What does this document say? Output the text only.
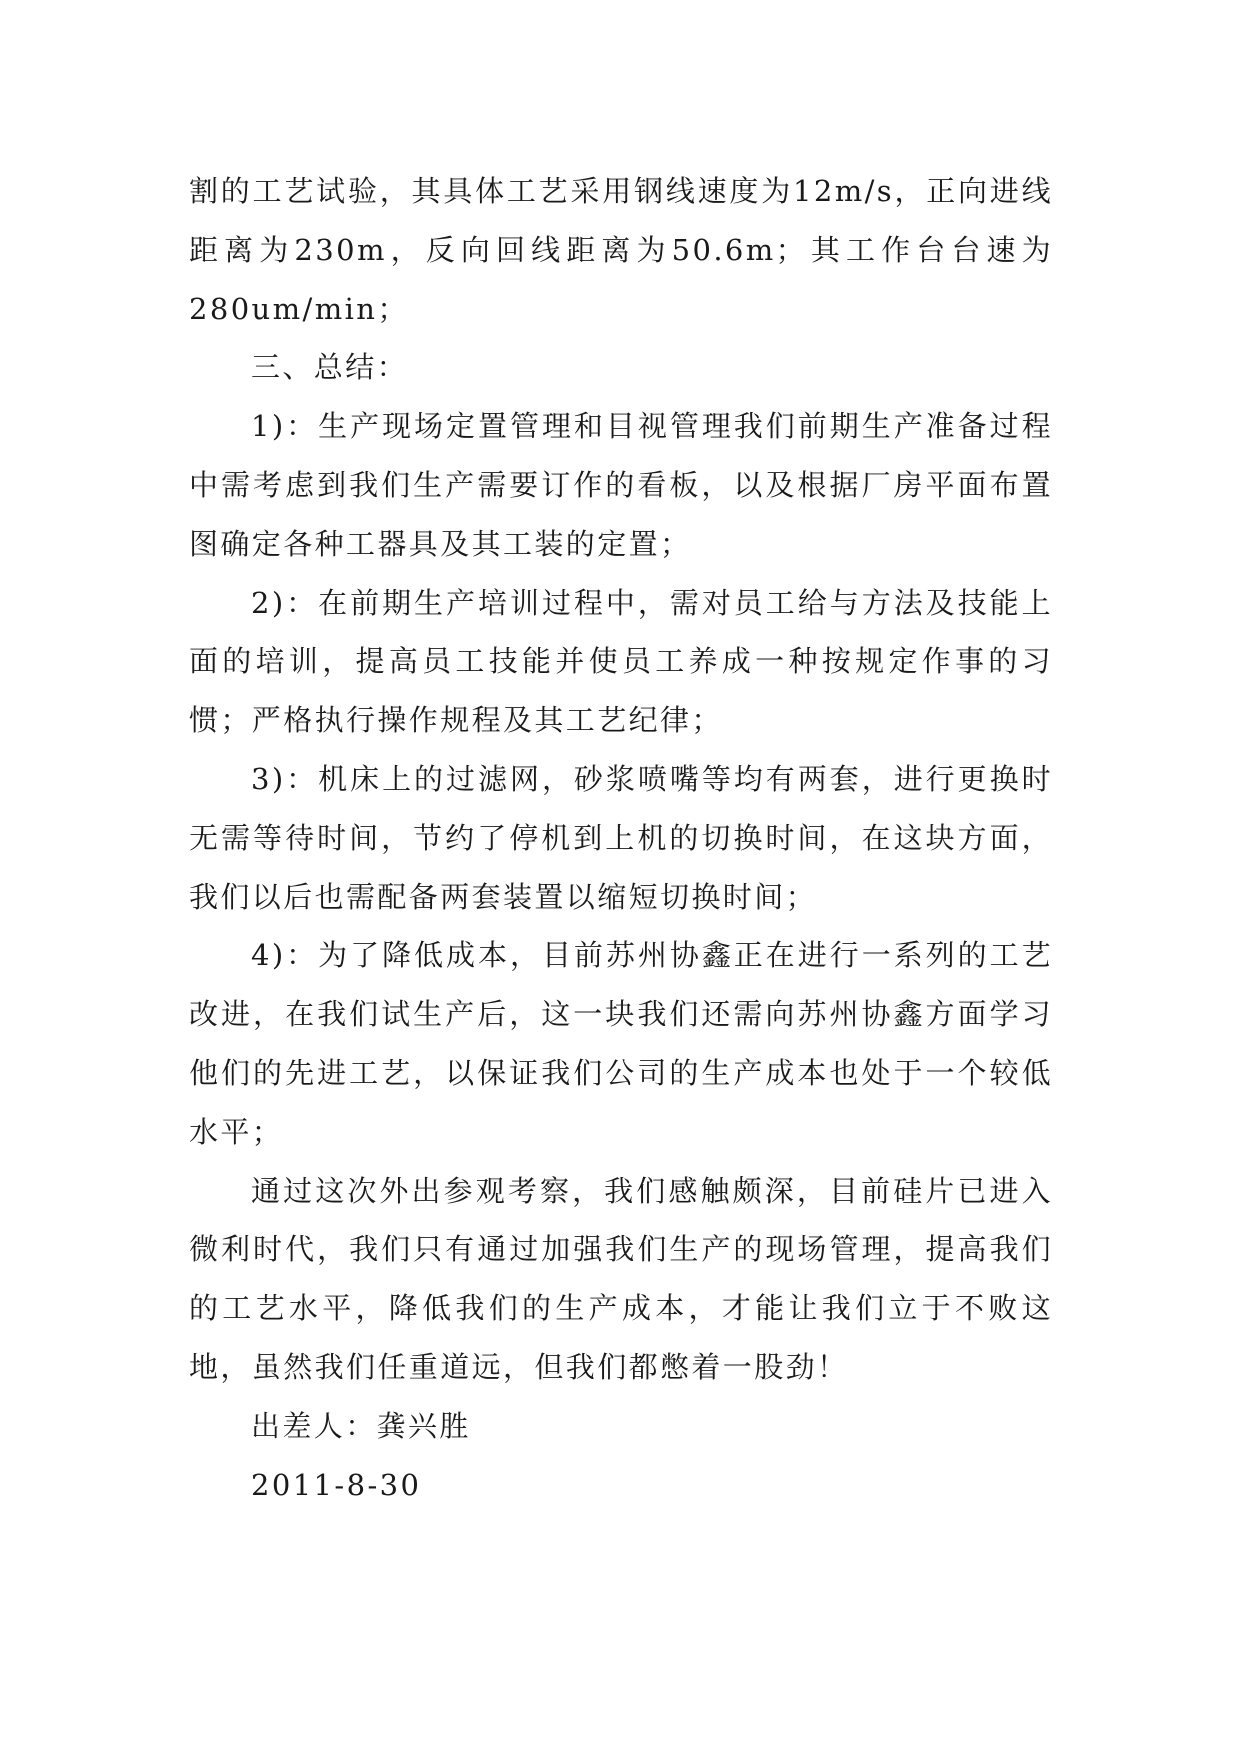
割的工艺试验，其具体工艺采用钢线速度为12m/s，正向进线距离为230m，反向回线距离为50.6m；其工作台台速为280um/min；

三、总结：

1)：生产现场定置管理和目视管理我们前期生产准备过程中需考虑到我们生产需要订作的看板，以及根据厂房平面布置图确定各种工器具及其工装的定置；

2)：在前期生产培训过程中，需对员工给与方法及技能上面的培训，提高员工技能并使员工养成一种按规定作事的习惯；严格执行操作规程及其工艺纪律；

3)：机床上的过滤网，砂浆喷嘴等均有两套，进行更换时无需等待时间，节约了停机到上机的切换时间，在这块方面，我们以后也需配备两套装置以缩短切换时间；

4)：为了降低成本，目前苏州协鑫正在进行一系列的工艺改进，在我们试生产后，这一块我们还需向苏州协鑫方面学习他们的先进工艺，以保证我们公司的生产成本也处于一个较低水平；

通过这次外出参观考察，我们感触颇深，目前硅片已进入微利时代，我们只有通过加强我们生产的现场管理，提高我们的工艺水平，降低我们的生产成本，才能让我们立于不败这地，虽然我们任重道远，但我们都憋着一股劲！

出差人：龚兴胜

2011-8-30
